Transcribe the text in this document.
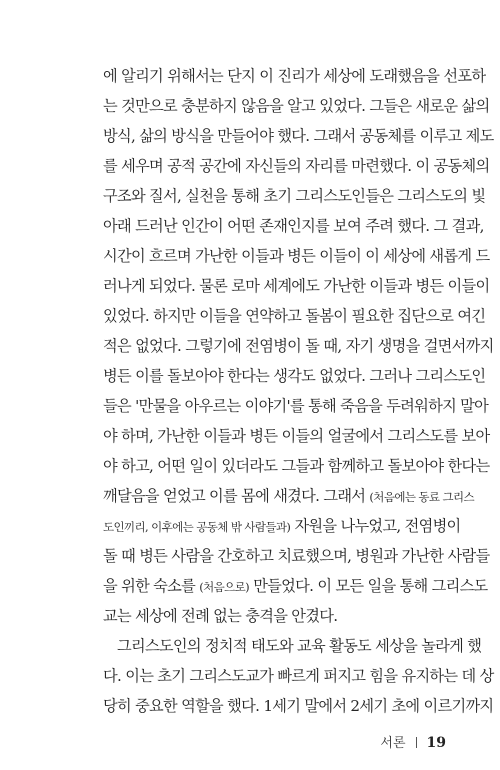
에 알리기 위해서는 단지 이 진리가 세상에 도래했음을 선포하
는 것만으로 충분하지 않음을 알고 있었다. 그들은 새로운 삶의
방식, 삶의 방식을 만들어야 했다. 그래서 공동체를 이루고 제도
를 세우며 공적 공간에 자신들의 자리를 마련했다. 이 공동체의
구조와 질서, 실천을 통해 초기 그리스도인들은 그리스도의 빛
아래 드러난 인간이 어떤 존재인지를 보여 주려 했다. 그 결과,
시간이 흐르며 가난한 이들과 병든 이들이 이 세상에 새롭게 드
러나게 되었다. 물론 로마 세계에도 가난한 이들과 병든 이들이
있었다. 하지만 이들을 연약하고 돌봄이 필요한 집단으로 여긴
적은 없었다. 그렇기에 전염병이 돌 때, 자기 생명을 걸면서까지
병든 이를 돌보아야 한다는 생각도 없었다. 그러나 그리스도인
들은 '만물을 아우르는 이야기'를 통해 죽음을 두려워하지 말아
야 하며, 가난한 이들과 병든 이들의 얼굴에서 그리스도를 보아
야 하고, 어떤 일이 있더라도 그들과 함께하고 돌보아야 한다는
깨달음을 얻었고 이를 몸에 새겼다. 그래서 (처음에는 동료 그리스
도인끼리, 이후에는 공동체 밖 사람들과) 자원을 나누었고, 전염병이
돌 때 병든 사람을 간호하고 치료했으며, 병원과 가난한 사람들
을 위한 숙소를 (처음으로) 만들었다. 이 모든 일을 통해 그리스도
교는 세상에 전례 없는 충격을 안겼다.
그리스도인의 정치적 태도와 교육 활동도 세상을 놀라게 했
다. 이는 초기 그리스도교가 빠르게 퍼지고 힘을 유지하는 데 상
당히 중요한 역할을 했다. 1세기 말에서 2세기 초에 이르기까지
서론 19
